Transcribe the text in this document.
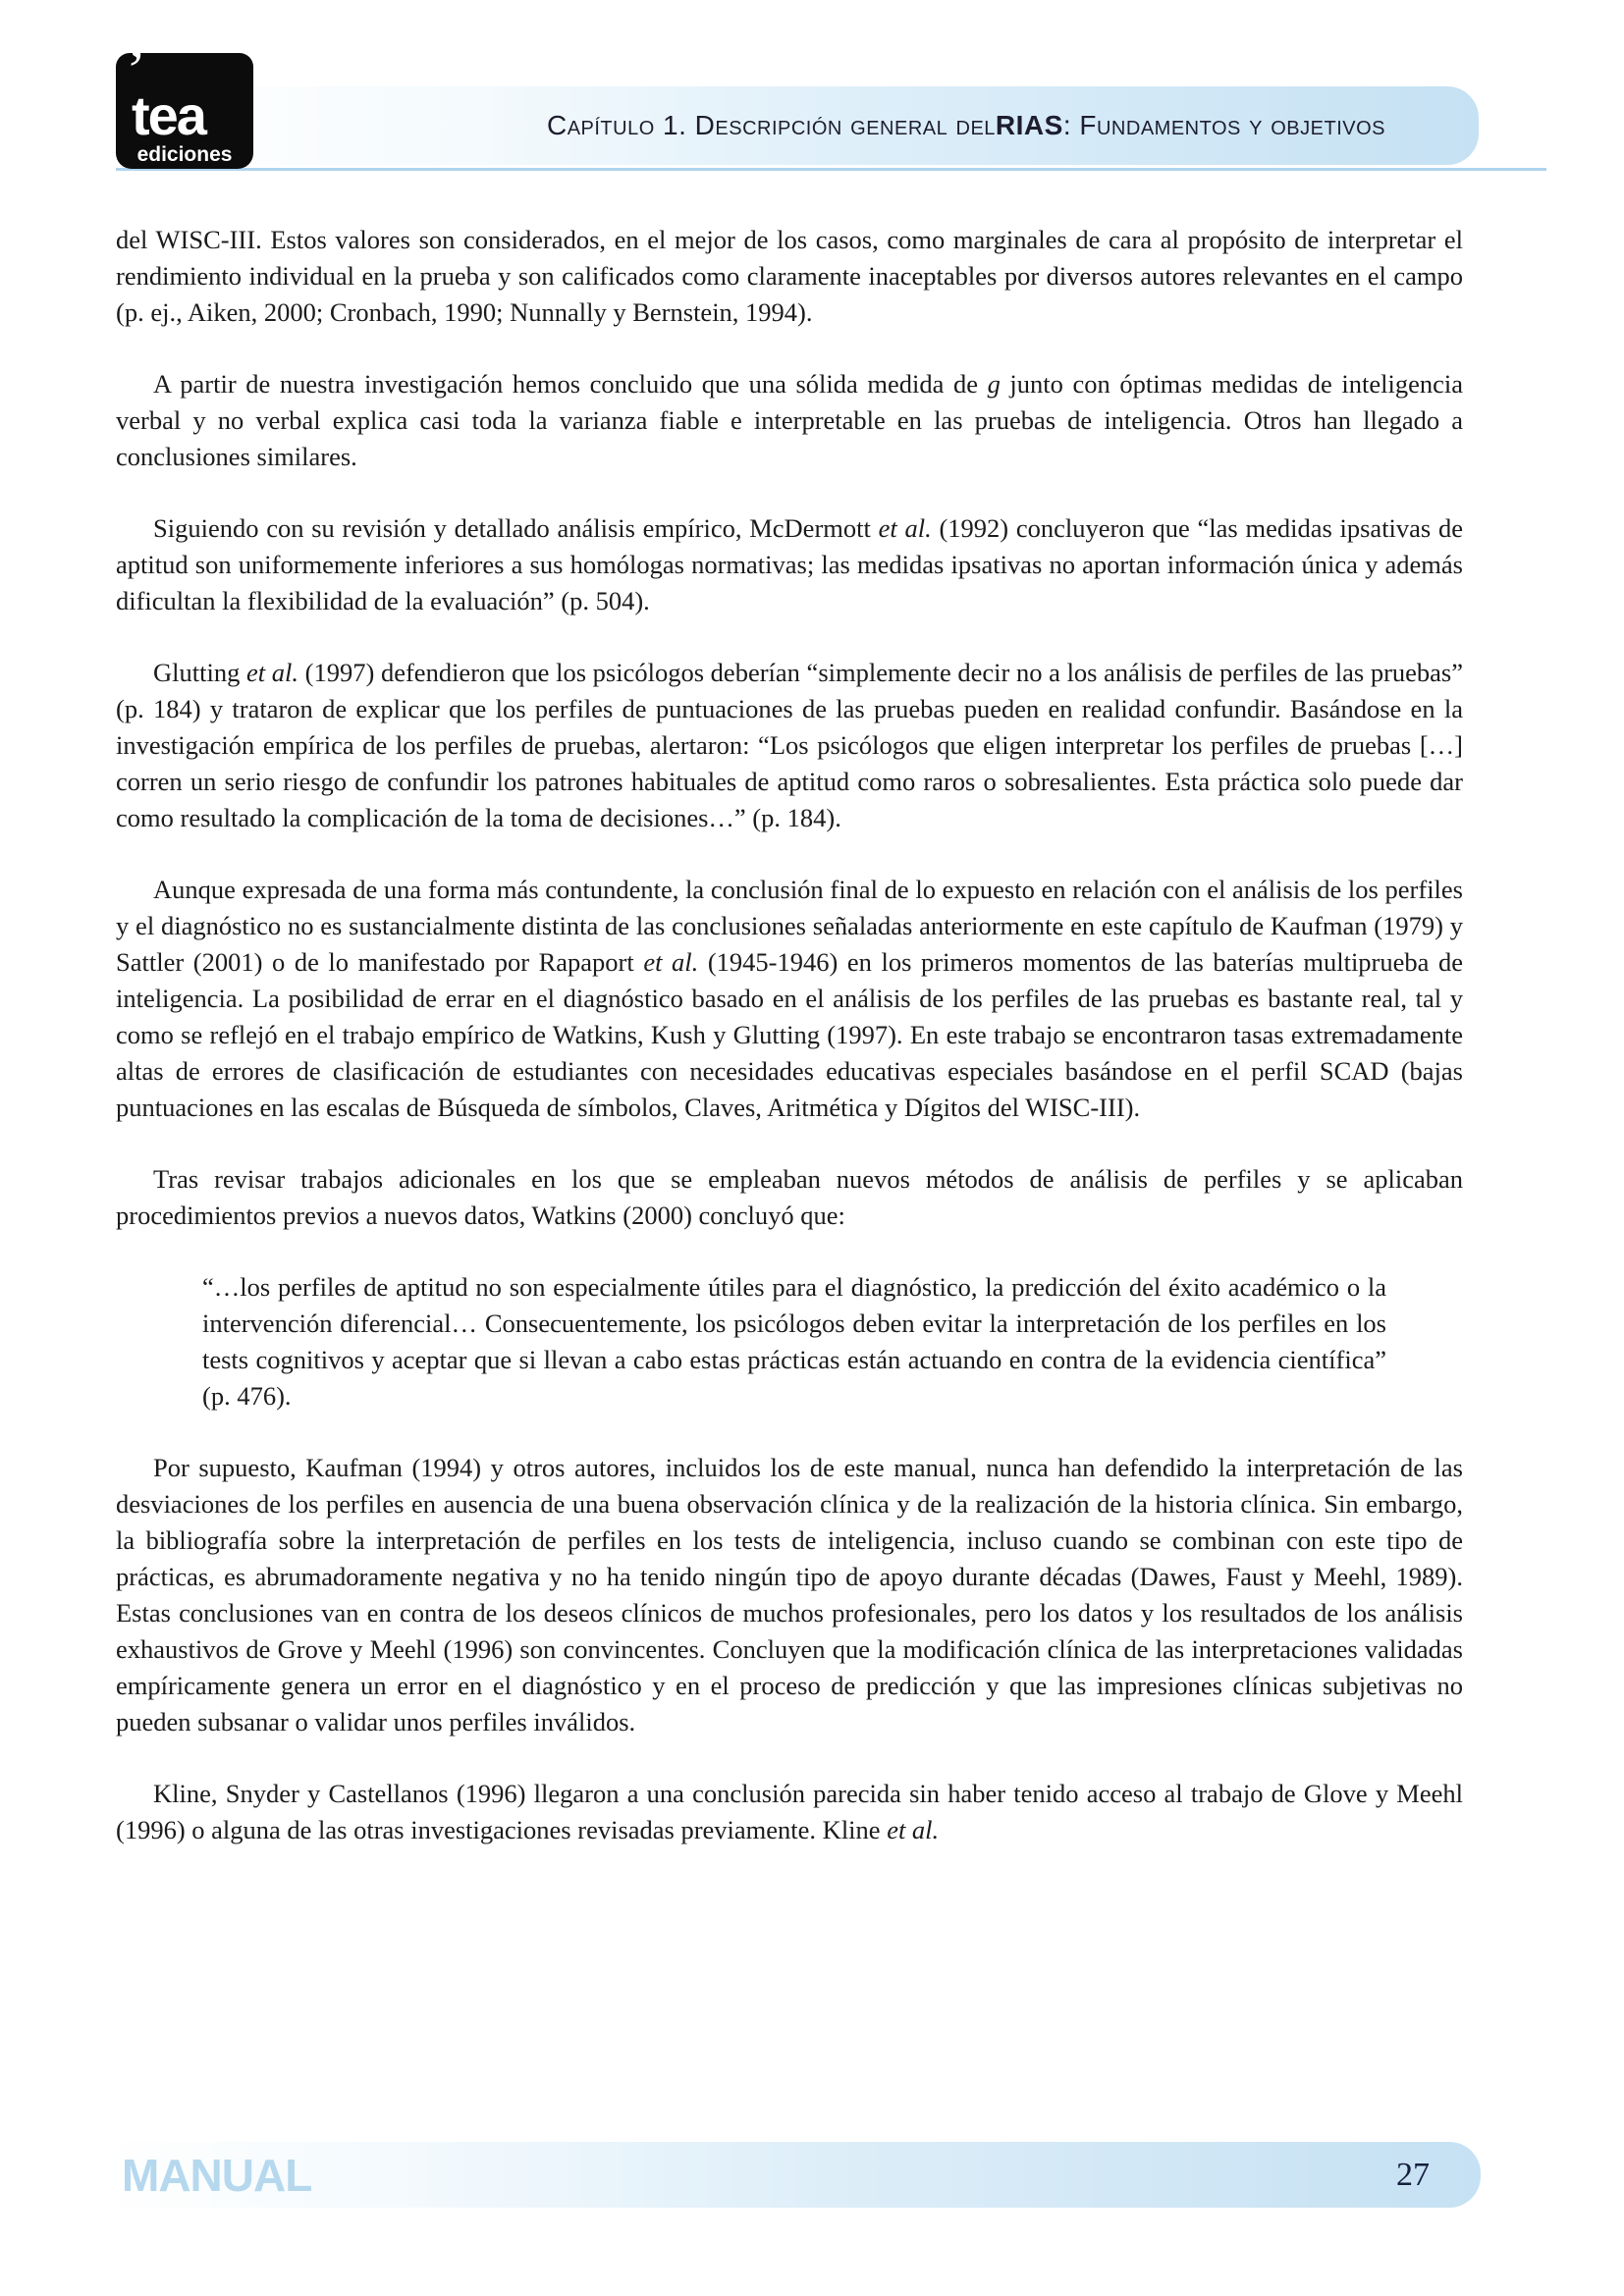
Capítulo 1. Descripción general del RIAS : Fundamentos y objetivos
’
tea
ediciones

del WISC-III. Estos valores son considerados, en el mejor de los casos, como marginales de cara al propósito de interpretar el rendimiento individual en la prueba y son calificados como claramente inaceptables por diversos autores relevantes en el campo (p. ej., Aiken, 2000; Cronbach, 1990; Nunnally y Bernstein, 1994).

A partir de nuestra investigación hemos concluido que una sólida medida de g junto con óptimas medidas de inteligencia verbal y no verbal explica casi toda la varianza fiable e interpretable en las pruebas de inteligencia. Otros han llegado a conclusiones similares.

Siguiendo con su revisión y detallado análisis empírico, McDermott et al. (1992) concluyeron que “las medidas ipsativas de aptitud son uniformemente inferiores a sus homólogas normativas; las medidas ipsativas no aportan información única y además dificultan la flexibilidad de la evaluación” (p. 504).

Glutting et al. (1997) defendieron que los psicólogos deberían “simplemente decir no a los análisis de perfiles de las pruebas” (p. 184) y trataron de explicar que los perfiles de puntuaciones de las pruebas pueden en realidad confundir. Basándose en la investigación empírica de los perfiles de pruebas, alertaron: “Los psicólogos que eligen interpretar los perfiles de pruebas […] corren un serio riesgo de confundir los patrones habituales de aptitud como raros o sobresalientes. Esta práctica solo puede dar como resultado la complicación de la toma de decisiones…” (p. 184).

Aunque expresada de una forma más contundente, la conclusión final de lo expuesto en relación con el análisis de los perfiles y el diagnóstico no es sustancialmente distinta de las conclusiones señaladas anteriormente en este capítulo de Kaufman (1979) y Sattler (2001) o de lo manifestado por Rapaport et al. (1945-1946) en los primeros momentos de las baterías multiprueba de inteligencia. La posibilidad de errar en el diagnóstico basado en el análisis de los perfiles de las pruebas es bastante real, tal y como se reflejó en el trabajo empírico de Watkins, Kush y Glutting (1997). En este trabajo se encontraron tasas extremadamente altas de errores de clasificación de estudiantes con necesidades educativas especiales basándose en el perfil SCAD (bajas puntuaciones en las escalas de Búsqueda de símbolos, Claves, Aritmética y Dígitos del WISC-III).

Tras revisar trabajos adicionales en los que se empleaban nuevos métodos de análisis de perfiles y se aplicaban procedimientos previos a nuevos datos, Watkins (2000) concluyó que:

“…los perfiles de aptitud no son especialmente útiles para el diagnóstico, la predicción del éxito académico o la intervención diferencial… Consecuentemente, los psicólogos deben evitar la interpretación de los perfiles en los tests cognitivos y aceptar que si llevan a cabo estas prácticas están actuando en contra de la evidencia científica” (p. 476).

Por supuesto, Kaufman (1994) y otros autores, incluidos los de este manual, nunca han defendido la interpretación de las desviaciones de los perfiles en ausencia de una buena observación clínica y de la realización de la historia clínica. Sin embargo, la bibliografía sobre la interpretación de perfiles en los tests de inteligencia, incluso cuando se combinan con este tipo de prácticas, es abrumadoramente negativa y no ha tenido ningún tipo de apoyo durante décadas (Dawes, Faust y Meehl, 1989). Estas conclusiones van en contra de los deseos clínicos de muchos profesionales, pero los datos y los resultados de los análisis exhaustivos de Grove y Meehl (1996) son convincentes. Concluyen que la modificación clínica de las interpretaciones validadas empíricamente genera un error en el diagnóstico y en el proceso de predicción y que las impresiones clínicas subjetivas no pueden subsanar o validar unos perfiles inválidos.

Kline, Snyder y Castellanos (1996) llegaron a una conclusión parecida sin haber tenido acceso al trabajo de Glove y Meehl (1996) o alguna de las otras investigaciones revisadas previamente. Kline et al.

MANUAL	27
